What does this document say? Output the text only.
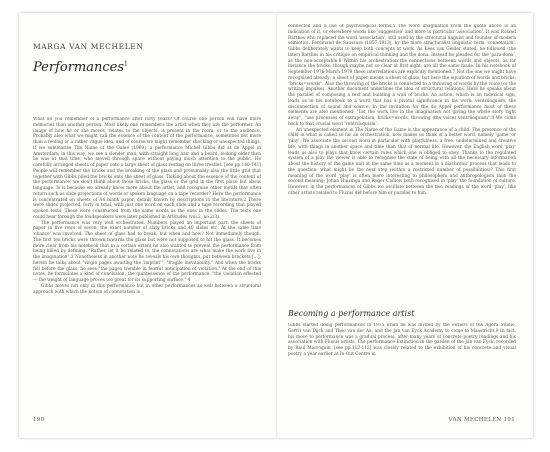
MARGA VAN MECHELEN
Performances$^1$

What do you remember of a performance after forty years? Of course one person will have more memories than another person. Most likely one remembers the artist when they are the performer. An image of how he or she moves, relates to the objects, is present in the room, or to the audience. Probably also what we might call the essence of the content of the performance, sometimes not more than a feeling or a rather vague idea, and of course we might remember shocking or unexpected things. If we summarise The Name of the Game (1969), a performance Michel Gibbs did at de Appel in Amsterdam, in this way, we see a slender man, with straight long hair and a beard, looking older then he was at that time, who moved through space without paying much attention to the public. He carefully arranged sheets of paper onto a large sheet of glass resting on three trestles. [see pp.140-141] People will remember the bricks and the breaking of the glass and presumably also the little grid that together with Gibbs piled the bricks onto the sheet of glass. Talking about the essence of the content of the performance, we don't think about those bricks, the glass or the grid in the first place but about language. Is it because we already know more about the artist, and recognise other motifs that often return such as slide projections of words or spoken language on a tape recorder? Here the performance is concentrated on sheets of A4 blank paper, details known by descriptions in the literature.2 There were slides projected, forty in total, with just one word on each slide and a tape recording that played spoken texts. These were constructed from the same words as the ones in the slides. The texts one could hear through the loudspeakers were later published in Artitudes (vol.2, no.2/3).

The performance was very well orchestrated. Numbers played an important part: the sheets of paper in five rows of seven, the exact number of sixty bricks and 40 slides etc. At the same time 'chance' was involved. The sheet of glass had to break, but when and how? Not immediately though. The first ten bricks were thrown towards the glass but were not supposed to hit the glass. It becomes more clear from his notebook that to a certain extent he also wanted to prevent the performance from being killed by defining. "Rather, let it be related to, the connotations are what make the work live in the imagination".3 Nonetheless in another note he reveals his own thoughts, put between brackets [...]; herein he talks about "virgin pages awaiting the 'imprint'", "fragile inevitability." And when the bricks fell before the glass, he sees "the pages tremble in fearful anticipation of violation." At the end of this notes, he formulates a kind of conclusion, the quintessence of the performance: "the violation effected — the weight of language proves too great for its supporting surface." 4

Gibbs moves not only in this performance but in other performances as well between a structural approach with which the notion of connotation is

190

connected and a use of psychological terms.5 The word imagination from the quote above is an indication of it, or elsewhere words like 'suggestion' and more in particular 'association'. It was Roland Barthes who replaced the word 'association', still used by the structural linguist and founder of modern semiotics, Ferdinand de Saussure (1857-1913), by the more structuralist linguistic term 'connotation'. Gibbs deliberately wants to keep both concepts at work. As Kees van Gelder stated, he followed (the later) Barthes in his critique on empirical thinking and the dona. Instead he pleaded for the 'para-dona', as the non-acceptable.6 Within his orchestration the connections between words and objects, as for instance the bricks, though maybe not so clear at first sight, are all the same made. In his notebook of September 1976-March 1979 these interrelations are explicitly mentioned.7 Not the one we might have recognised already: a sheet of paper means a sheet of glass, but here the equation of words and bricks: "bricks=words". Also the throwing of the bricks is connected to a throwing of words by the voice (or the writing impulse). Another document underlines the idea of structural relations. Here he speaks about the parallel of composing a text and building a wall of bricks. An action, which is an indexical sign, leads us in his notebook to a word that has a pivotal significance in his work: ventriloquism, the disconnection of sound and source. In the invitation for the de Appel performance most of these elements are also mentioned: "Let the work live in the imagination not giving the whole story right away", "use processes of extrapolation, bricks=words, throwing (the voice) ventriloquism".8 We come back to that crucial word 'ventriloquism'.

An unexpected element in The Name of the Game is the appearance of a child. The presence of the child in what is called so far an orchestration, now makes us think of a better word, namely 'game' or 'play'. We associate the second word in particular with playfulness, a free, undetermined and creative life, with things in another space and time than that of normal life. However, the English word 'play' leads us also to plays that know certain rules which one is obliged to obey. Thanks to the regulated system of a play the viewer is able to recognise the state of being with all the necessary information about the history of the game and at the same time as a moment in a diachronic process that leads to the question: what might be the next step (within a restricted number of possibilities)? This first meaning of the word 'play' is often more interesting to philosophers and anthropologists than the second meaning; Johan Huizinga and Roger Caillois both recognised in 'play' the foundation of culture. However, in the performances of Gibbs we oscillate between the two readings of the word 'play', like other artists related to Fluxus did before him or parallel to him.

Becoming a performance artist

Gibbs started doing performances in 1975 when he was invited by the owners of the Agora Studio, Gerrit van Dijck and Theo van der Aa, and the Jan van Eyck Academy to come to Maastricht.9 In fact, his move to performance was a gradual process, after many years of concrete poetry readings and his association with Fluxus artists. The performance Extinction in the garden of the Jan van Eyck, recorded by Raul Marroquin, [see pp.112-113] was closely related to the exhibition of his concrete and visual poetry a year earlier at In-Out Centre in

VAN MECHELEN 191
